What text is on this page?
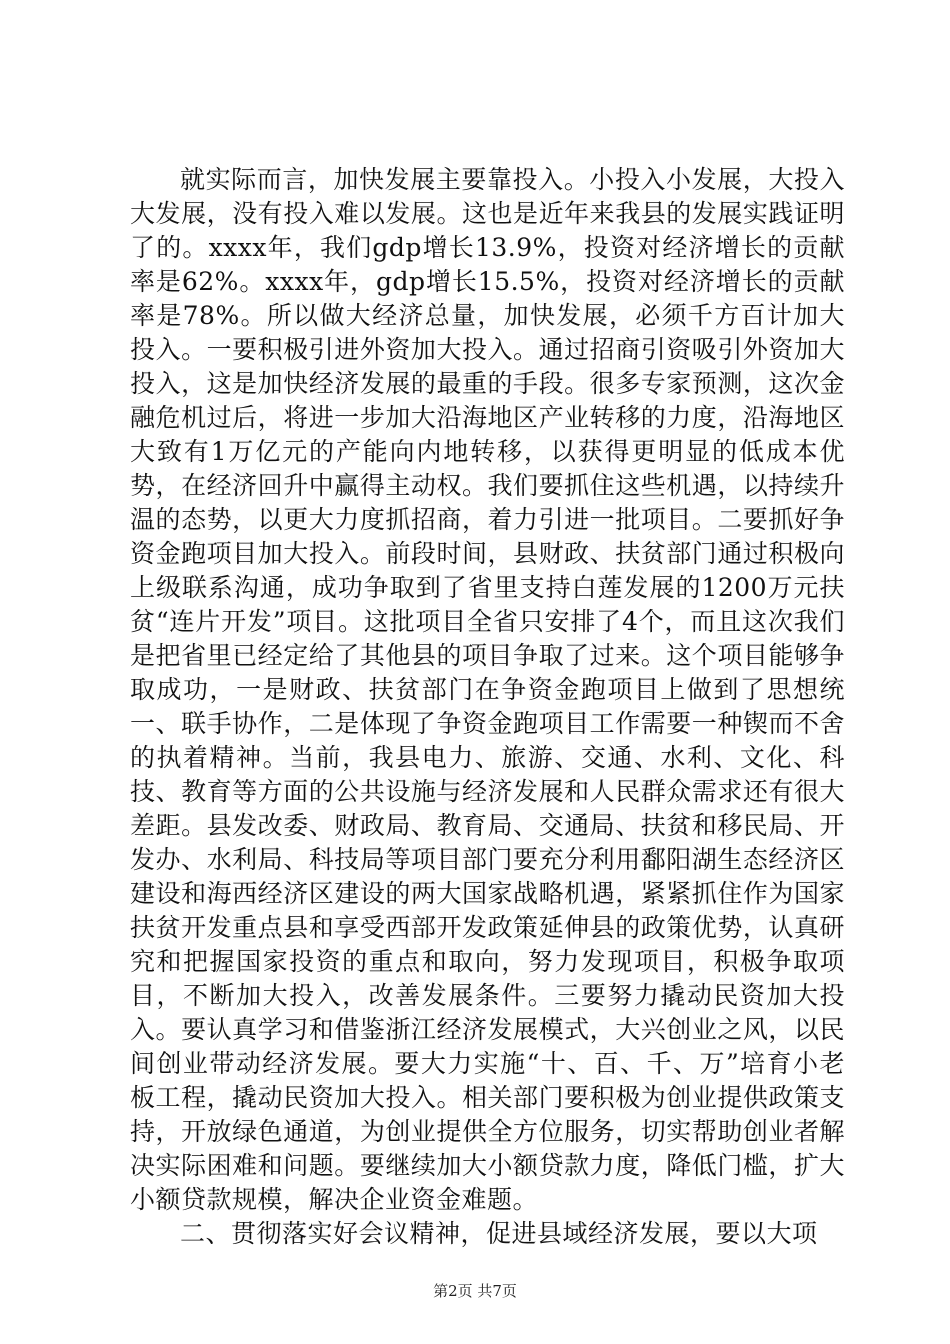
就实际而言，加快发展主要靠投入。小投入小发展，大投入大发展，没有投入难以发展。这也是近年来我县的发展实践证明了的。xxxx年，我们gdp增长13.9%，投资对经济增长的贡献率是62%。xxxx年，gdp增长15.5%，投资对经济增长的贡献率是78%。所以做大经济总量，加快发展，必须千方百计加大投入。一要积极引进外资加大投入。通过招商引资吸引外资加大投入，这是加快经济发展的最重的手段。很多专家预测，这次金融危机过后，将进一步加大沿海地区产业转移的力度，沿海地区大致有1万亿元的产能向内地转移，以获得更明显的低成本优势，在经济回升中赢得主动权。我们要抓住这些机遇，以持续升温的态势，以更大力度抓招商，着力引进一批项目。二要抓好争资金跑项目加大投入。前段时间，县财政、扶贫部门通过积极向上级联系沟通，成功争取到了省里支持白莲发展的1200万元扶贫“连片开发”项目。这批项目全省只安排了4个，而且这次我们是把省里已经定给了其他县的项目争取了过来。这个项目能够争取成功，一是财政、扶贫部门在争资金跑项目上做到了思想统一、联手协作，二是体现了争资金跑项目工作需要一种锲而不舍的执着精神。当前，我县电力、旅游、交通、水利、文化、科技、教育等方面的公共设施与经济发展和人民群众需求还有很大差距。县发改委、财政局、教育局、交通局、扶贫和移民局、开发办、水利局、科技局等项目部门要充分利用鄱阳湖生态经济区建设和海西经济区建设的两大国家战略机遇，紧紧抓住作为国家扶贫开发重点县和享受西部开发政策延伸县的政策优势，认真研究和把握国家投资的重点和取向，努力发现项目，积极争取项目，不断加大投入，改善发展条件。三要努力撬动民资加大投入。要认真学习和借鉴浙江经济发展模式，大兴创业之风，以民间创业带动经济发展。要大力实施“十、百、千、万”培育小老板工程，撬动民资加大投入。相关部门要积极为创业提供政策支持，开放绿色通道，为创业提供全方位服务，切实帮助创业者解决实际困难和问题。要继续加大小额贷款力度，降低门槛，扩大小额贷款规模，解决企业资金难题。

二、贯彻落实好会议精神，促进县域经济发展，要以大项

第2页 共7页
